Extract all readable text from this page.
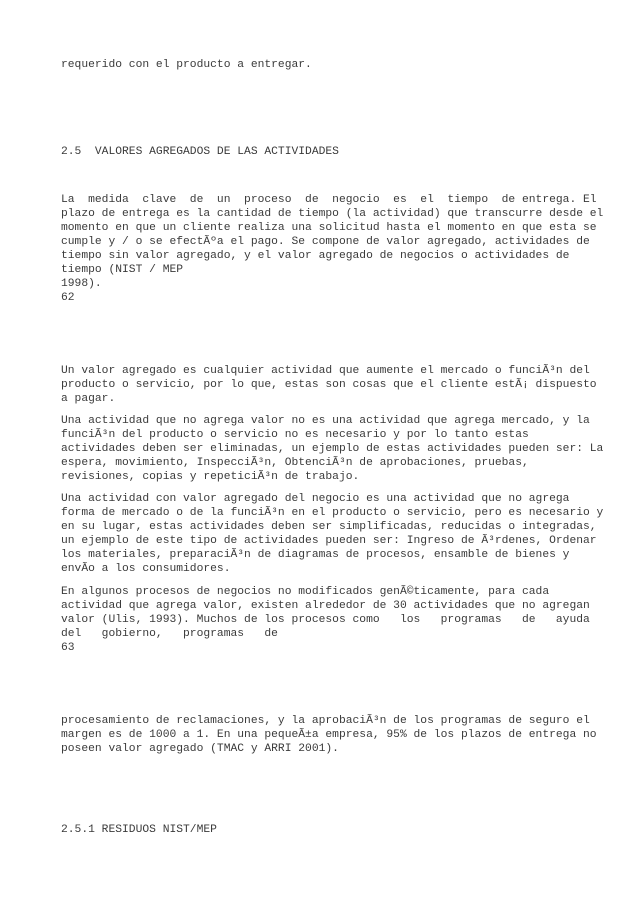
requerido con el producto a entregar.

2.5  VALORES AGREGADOS DE LAS ACTIVIDADES

La  medida  clave  de  un  proceso  de  negocio  es  el  tiempo  de entrega. El

plazo de entrega es la cantidad de tiempo (la actividad) que transcurre desde el

momento en que un cliente realiza una solicitud hasta el momento en que esta se

cumple y / o se efectÃºa el pago. Se compone de valor agregado, actividades de

tiempo sin valor agregado, y el valor agregado de negocios o actividades de

tiempo (NIST / MEP

1998).

62

Un valor agregado es cualquier actividad que aumente el mercado o funciÃ³n del

producto o servicio, por lo que, estas son cosas que el cliente estÃ¡ dispuesto

a pagar.

Una actividad que no agrega valor no es una actividad que agrega mercado, y la

funciÃ³n del producto o servicio no es necesario y por lo tanto estas

actividades deben ser eliminadas, un ejemplo de estas actividades pueden ser: La

espera, movimiento, InspecciÃ³n, ObtenciÃ³n de aprobaciones, pruebas,

revisiones, copias y repeticiÃ³n de trabajo.

Una actividad con valor agregado del negocio es una actividad que no agrega

forma de mercado o de la funciÃ³n en el producto o servicio, pero es necesario y

en su lugar, estas actividades deben ser simplificadas, reducidas o integradas,

un ejemplo de este tipo de actividades pueden ser: Ingreso de Ã³rdenes, Ordenar

los materiales, preparaciÃ³n de diagramas de procesos, ensamble de bienes y

envÃo a los consumidores.

En algunos procesos de negocios no modificados genÃ©ticamente, para cada

actividad que agrega valor, existen alrededor de 30 actividades que no agregan

valor (Ulis, 1993). Muchos de los procesos como   los   programas   de   ayuda

del   gobierno,   programas   de

63

procesamiento de reclamaciones, y la aprobaciÃ³n de los programas de seguro el

margen es de 1000 a 1. En una pequeÃ±a empresa, 95% de los plazos de entrega no

poseen valor agregado (TMAC y ARRI 2001).

2.5.1 RESIDUOS NIST/MEP
